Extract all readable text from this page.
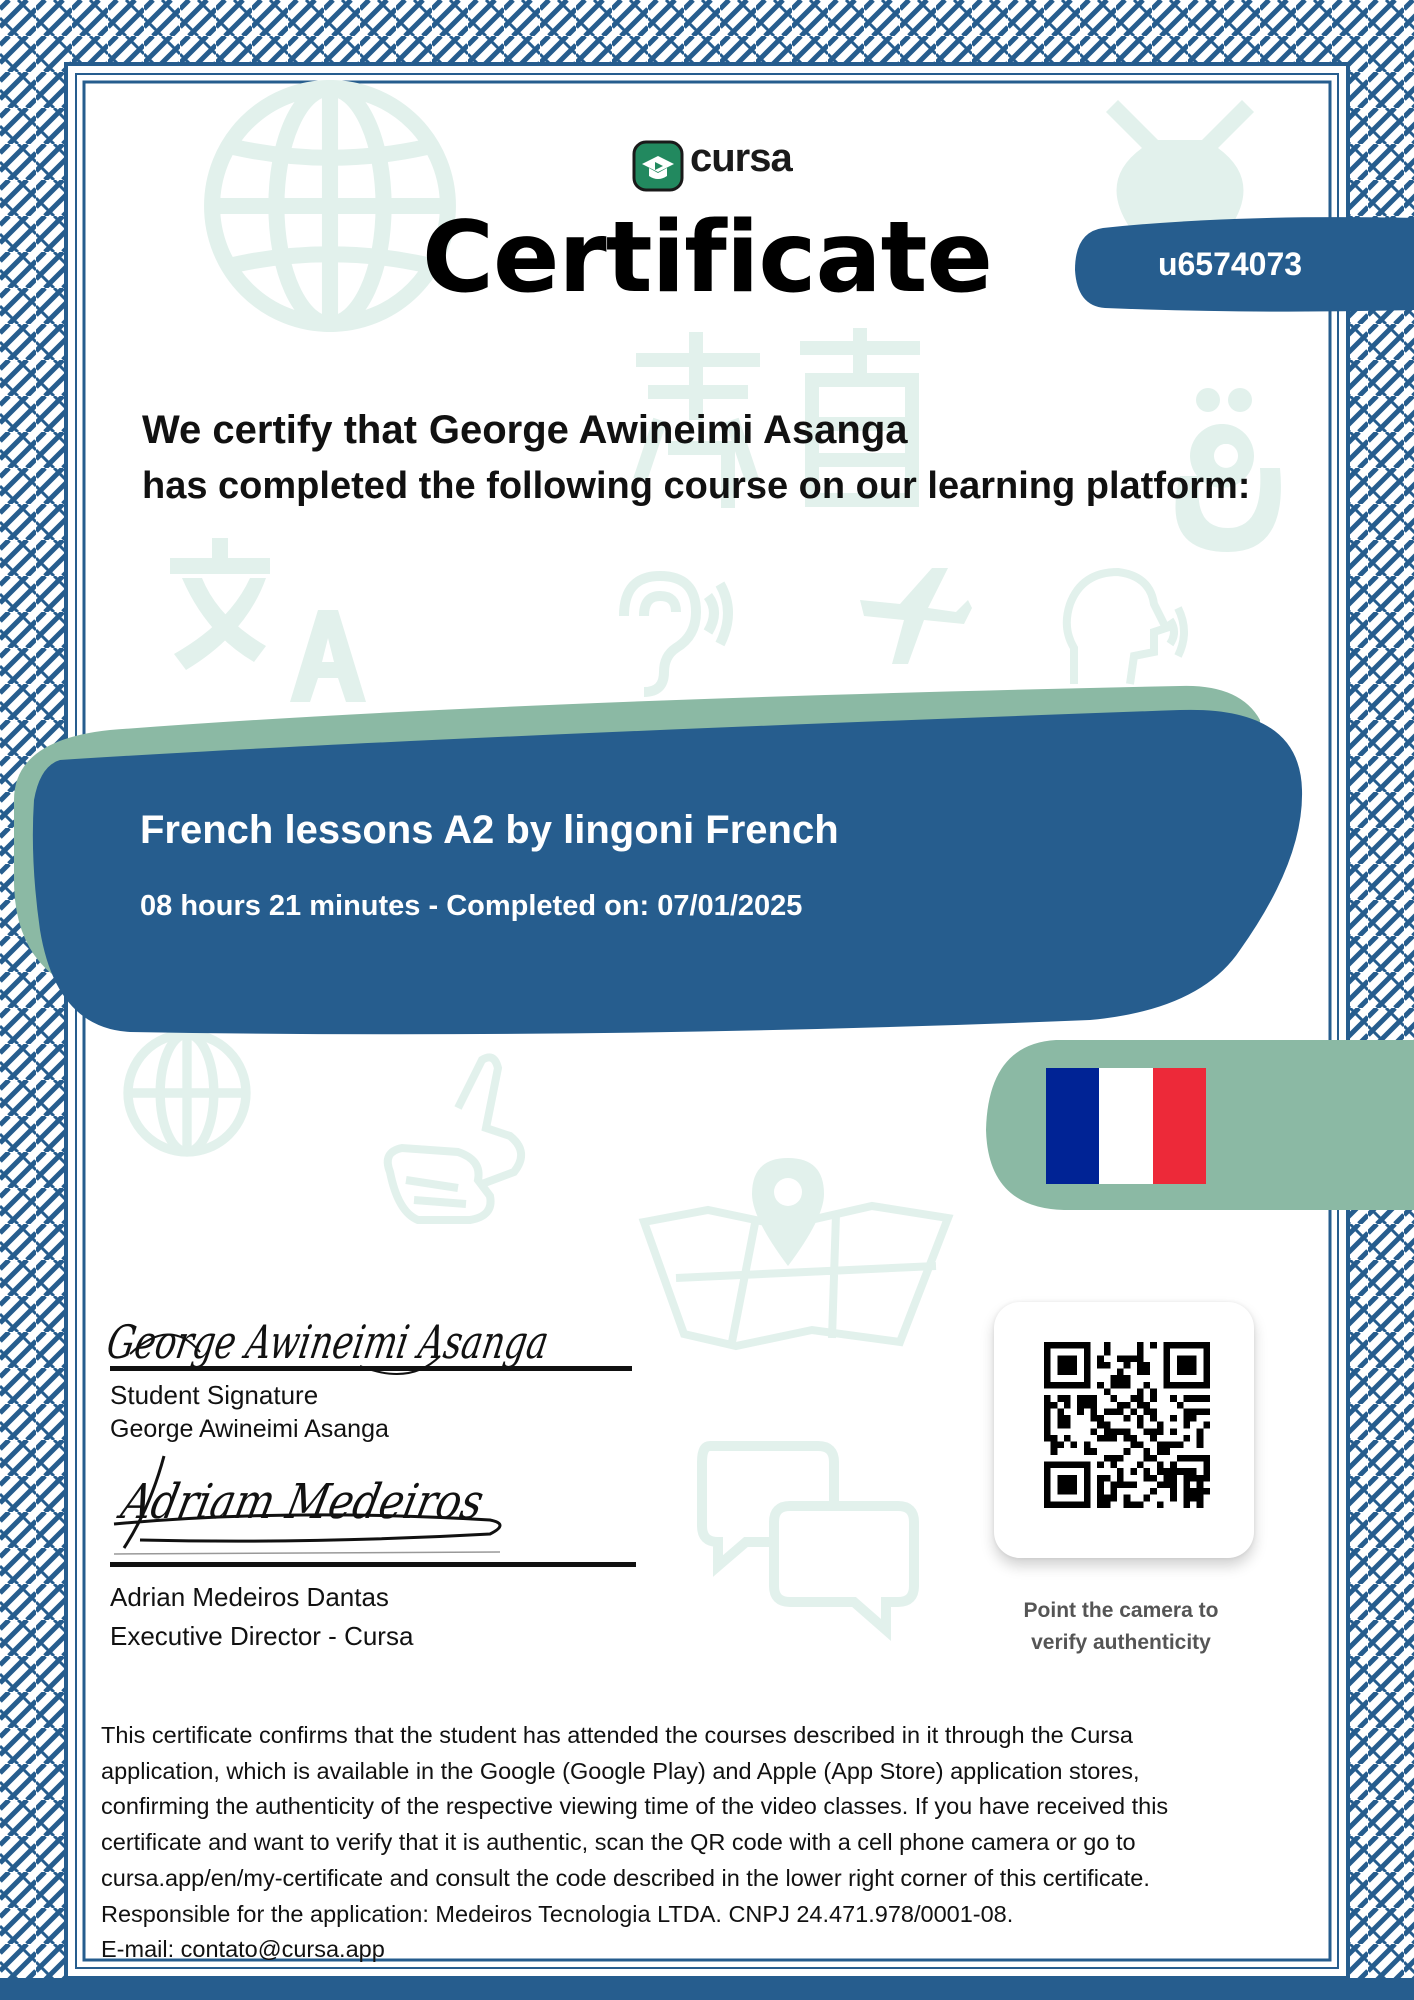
cursa
Certificate	u6574073
We certify that George Awineimi Asanga
has completed the following course on our learning platform:
French lessons A2 by lingoni French
08 hours 21 minutes - Completed on: 07/01/2025
George Awineimi Asanga
Student Signature
George Awineimi Asanga
Adriam Medeiros
Adrian Medeiros Dantas
Executive Director - Cursa
Point the camera to
verify authenticity

This certificate confirms that the student has attended the courses described in it through the Cursa

application, which is available in the Google (Google Play) and Apple (App Store) application stores,

confirming the authenticity of the respective viewing time of the video classes. If you have received this

certificate and want to verify that it is authentic, scan the QR code with a cell phone camera or go to

cursa.app/en/my-certificate and consult the code described in the lower right corner of this certificate.

Responsible for the application: Medeiros Tecnologia LTDA. CNPJ 24.471.978/0001-08.

E-mail: contato@cursa.app
